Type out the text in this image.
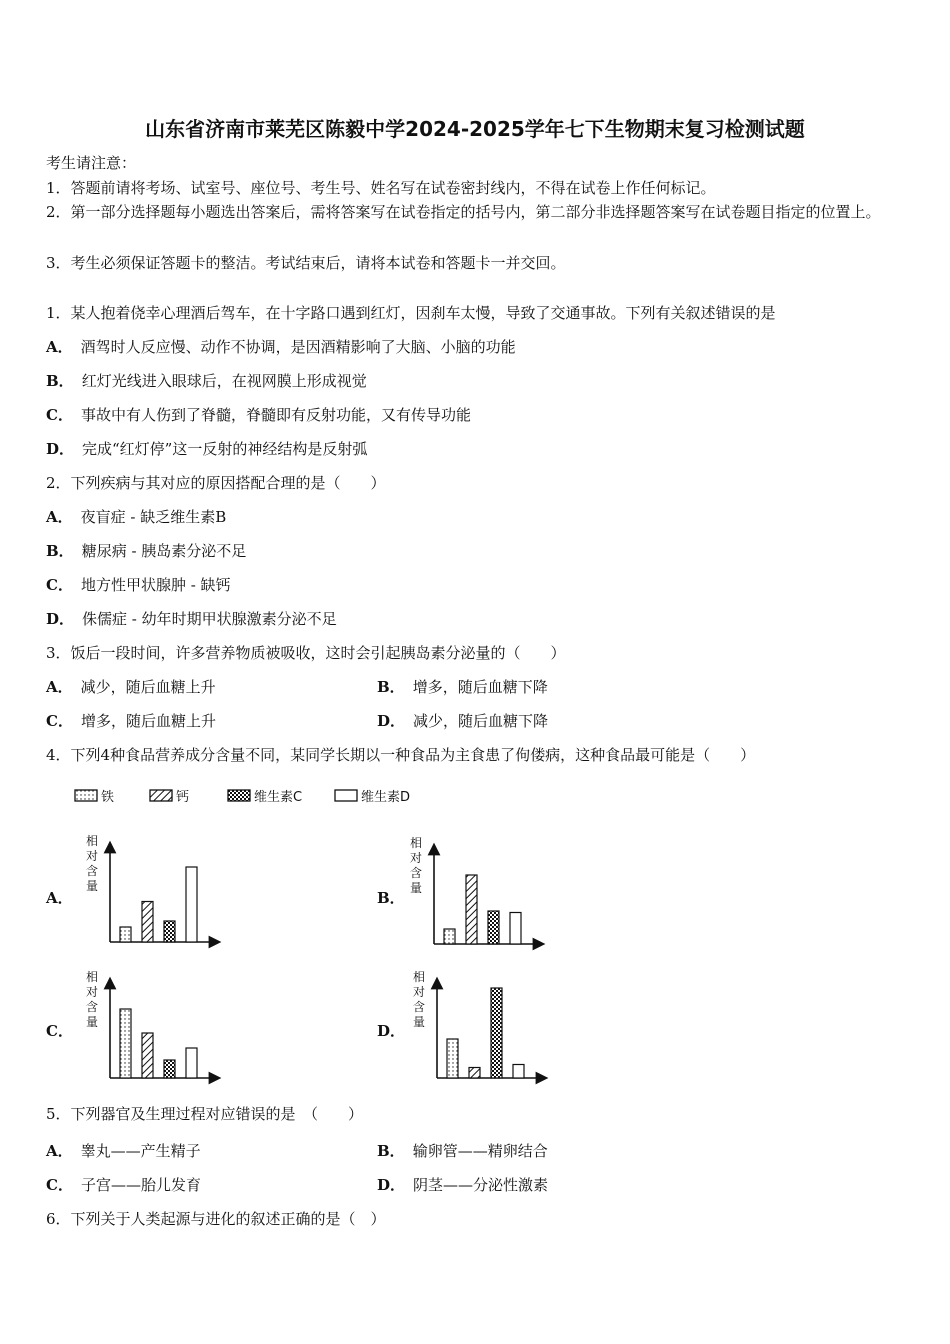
山东省济南市莱芜区陈毅中学2024-2025学年七下生物期末复习检测试题
考生请注意：
1．答题前请将考场、试室号、座位号、考生号、姓名写在试卷密封线内，不得在试卷上作任何标记。
2．第一部分选择题每小题选出答案后，需将答案写在试卷指定的括号内，第二部分非选择题答案写在试卷题目指定的位置上。
3．考生必须保证答题卡的整洁。考试结束后，请将本试卷和答题卡一并交回。
1．某人抱着侥幸心理酒后驾车，在十字路口遇到红灯，因刹车太慢，导致了交通事故。下列有关叙述错误的是
A． 酒驾时人反应慢、动作不协调，是因酒精影响了大脑、小脑的功能
B． 红灯光线进入眼球后，在视网膜上形成视觉
C． 事故中有人伤到了脊髓，脊髓即有反射功能，又有传导功能
D． 完成“红灯停”这一反射的神经结构是反射弧
2．下列疾病与其对应的原因搭配合理的是（　　）
A． 夜盲症 - 缺乏维生素B
B． 糖尿病 - 胰岛素分泌不足
C． 地方性甲状腺肿 - 缺钙
D． 侏儒症 - 幼年时期甲状腺激素分泌不足
3．饭后一段时间，许多营养物质被吸收，这时会引起胰岛素分泌量的（　　）
A． 减少，随后血糖上升	B． 增多，随后血糖下降
C． 增多，随后血糖上升	D． 减少，随后血糖下降
4．下列4种食品营养成分含量不同，某同学长期以一种食品为主食患了佝偻病，这种食品最可能是（　　）
铁	钙	维生素C	维生素D
相
对
含
量
相
对
含
量
相
对
含
量
相
对
含
量
A．	B．
C．	D．
5．下列器官及生理过程对应错误的是　（　　）
A． 睾丸——产生精子	B． 输卵管——精卵结合
C． 子宫——胎儿发育	D． 阴茎——分泌性激素
6．下列关于人类起源与进化的叙述正确的是（　）
